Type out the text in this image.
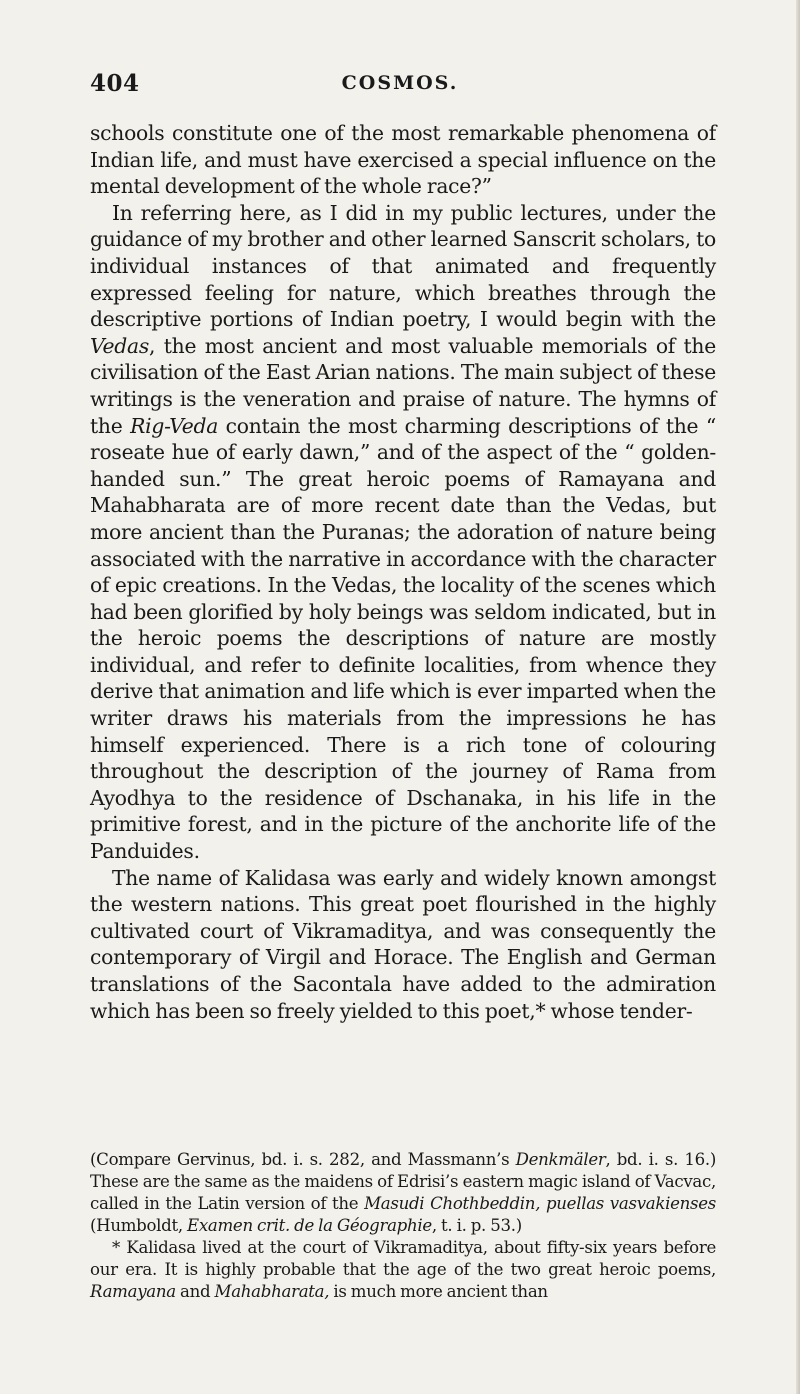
404	COSMOS.

schools constitute one of the most remarkable phenomena of Indian life, and must have exercised a special influence on the mental development of the whole race?”

In referring here, as I did in my public lectures, under the guidance of my brother and other learned Sanscrit scholars, to individual instances of that animated and frequently expressed feeling for nature, which breathes through the descriptive portions of Indian poetry, I would begin with the Vedas, the most ancient and most valuable memorials of the civilisation of the East Arian nations. The main subject of these writings is the veneration and praise of nature. The hymns of the Rig-Veda contain the most charming descriptions of the “ roseate hue of early dawn,” and of the aspect of the “ golden-handed sun.” The great heroic poems of Ramayana and Mahabharata are of more recent date than the Vedas, but more ancient than the Puranas; the adoration of nature being associated with the narrative in accordance with the character of epic creations. In the Vedas, the locality of the scenes which had been glorified by holy beings was seldom indicated, but in the heroic poems the descriptions of nature are mostly individual, and refer to definite localities, from whence they derive that animation and life which is ever imparted when the writer draws his materials from the impressions he has himself experienced. There is a rich tone of colouring throughout the description of the journey of Rama from Ayodhya to the residence of Dschanaka, in his life in the primitive forest, and in the picture of the anchorite life of the Panduides.

The name of Kalidasa was early and widely known amongst the western nations. This great poet flourished in the highly cultivated court of Vikramaditya, and was consequently the contemporary of Virgil and Horace. The English and German translations of the Sacontala have added to the admiration which has been so freely yielded to this poet,* whose tender-

(Compare Gervinus, bd. i. s. 282, and Massmann’s Denkmäler, bd. i. s. 16.) These are the same as the maidens of Edrisi’s eastern magic island of Vacvac, called in the Latin version of the Masudi Chothbeddin, puellas vasvakienses (Humboldt, Examen crit. de la Géographie, t. i. p. 53.)

* Kalidasa lived at the court of Vikramaditya, about fifty-six years before our era. It is highly probable that the age of the two great heroic poems, Ramayana and Mahabharata, is much more ancient than
